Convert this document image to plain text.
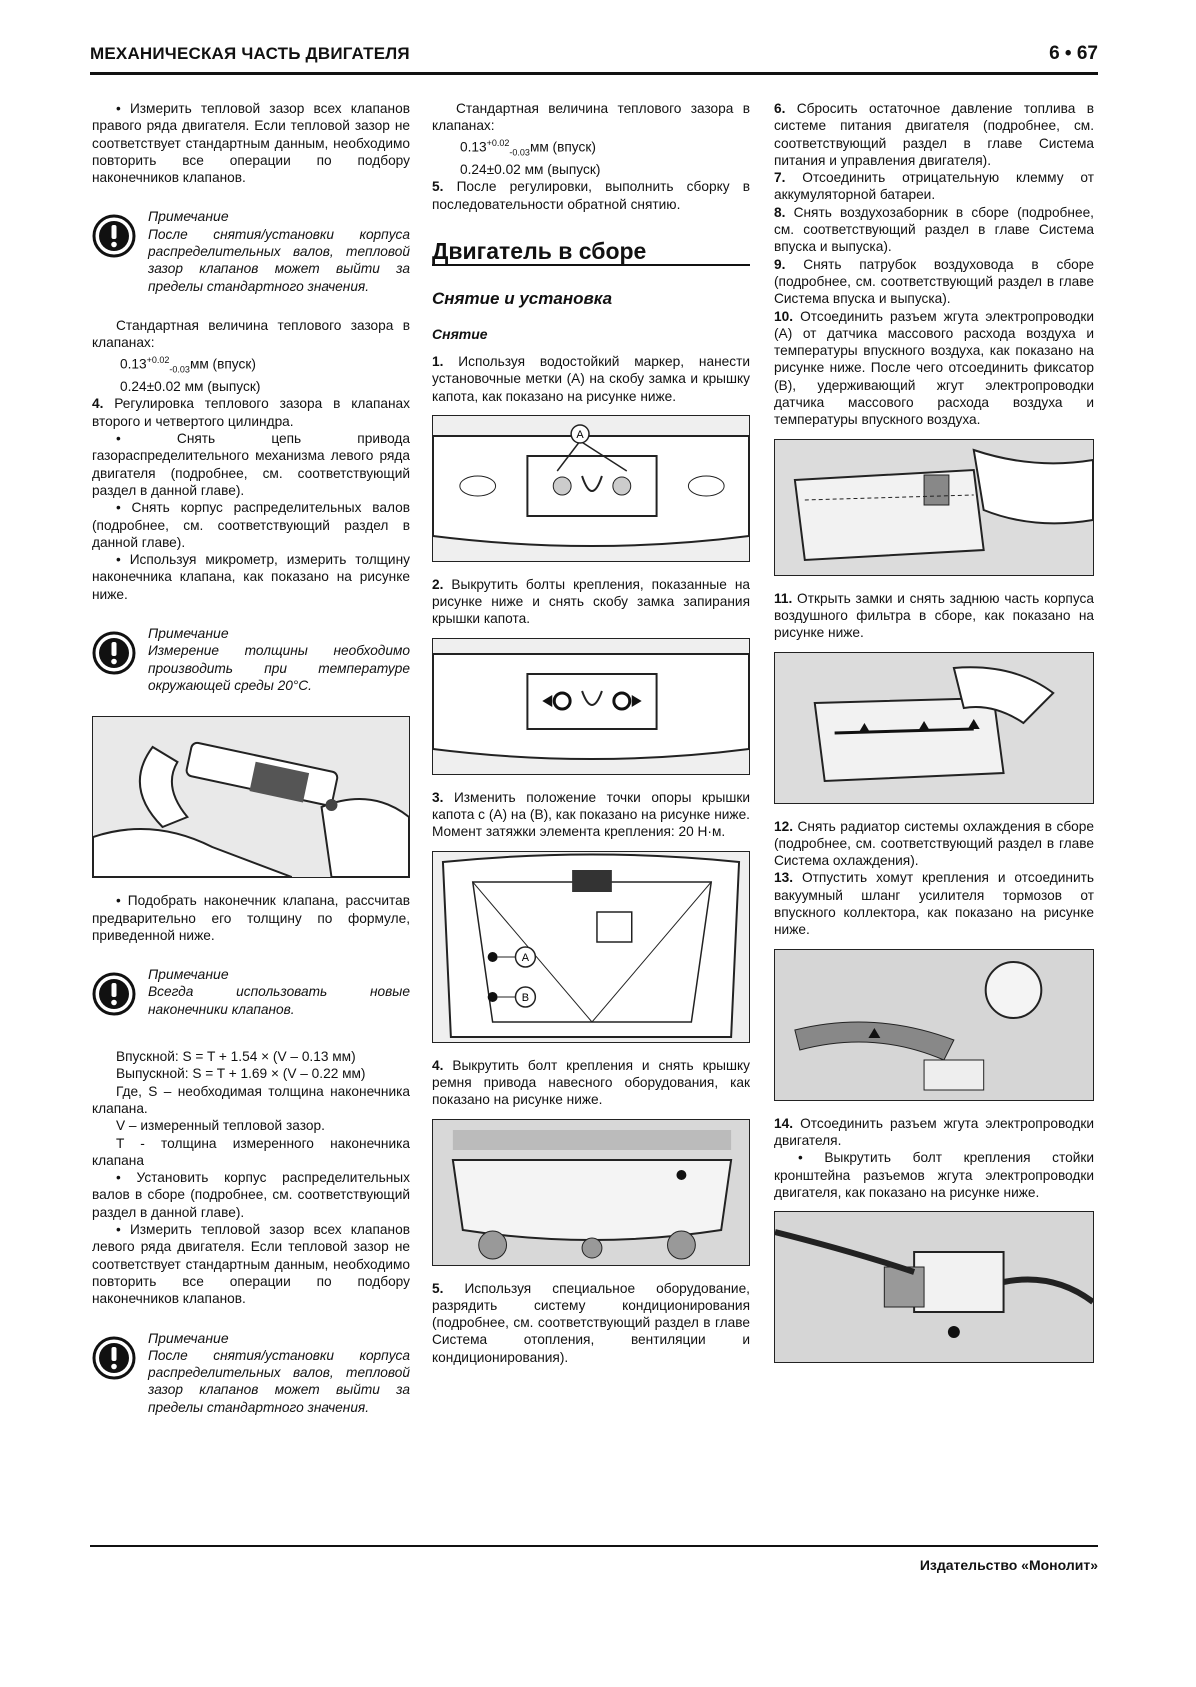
МЕХАНИЧЕСКАЯ ЧАСТЬ ДВИГАТЕЛЯ	6 • 67

• Измерить тепловой зазор всех клапанов правого ряда двигателя. Если тепловой зазор не соответствует стандартным данным, необходимо повторить все операции по подбору наконечников клапанов.

Примечание
После снятия/установки корпуса распределительных валов, тепловой зазор клапанов может выйти за пределы стандартного значения.

Стандартная величина теплового зазора в клапанах:

$0.13^{+0.02}_{-0.03}мм$ (впуск)

0.24±0.02 мм (выпуск)

4. Регулировка теплового зазора в клапанах второго и четвертого цилиндра.

• Снять цепь привода газораспределительного механизма левого ряда двигателя (подробнее, см. соответствующий раздел в данной главе).

• Снять корпус распределительных валов (подробнее, см. соответствующий раздел в данной главе).

• Используя микрометр, измерить толщину наконечника клапана, как показано на рисунке ниже.

Примечание
Измерение толщины необходимо производить при температуре окружающей среды 20°С.

• Подобрать наконечник клапана, рассчитав предварительно его толщину по формуле, приведенной ниже.

Примечание
Всегда использовать новые наконечники клапанов.

Впускной: S = T + 1.54 × (V – 0.13 мм)

Выпускной: S = T + 1.69 × (V – 0.22 мм)

Где, S – необходимая толщина наконечника клапана.

V – измеренный тепловой зазор.

T - толщина измеренного наконечника клапана

• Установить корпус распределительных валов в сборе (подробнее, см. соответствующий раздел в данной главе).

• Измерить тепловой зазор всех клапанов левого ряда двигателя. Если тепловой зазор не соответствует стандартным данным, необходимо повторить все операции по подбору наконечников клапанов.

Примечание
После снятия/установки корпуса распределительных валов, тепловой зазор клапанов может выйти за пределы стандартного значения.

Стандартная величина теплового зазора в клапанах:

$0.13^{+0.02}_{-0.03}мм$ (впуск)

0.24±0.02 мм (выпуск)

5. После регулировки, выполнить сборку в последовательности обратной снятию.

Двигатель в сборе
Снятие и установка
Снятие

1. Используя водостойкий маркер, нанести установочные метки (А) на скобу замка и крышку капота, как показано на рисунке ниже.

A

2. Выкрутить болты крепления, показанные на рисунке ниже и снять скобу замка запирания крышки капота.

3. Изменить положение точки опоры крышки капота с (А) на (В), как показано на рисунке ниже. Момент затяжки элемента крепления: 20 Н·м.

A
B

4. Выкрутить болт крепления и снять крышку ремня привода навесного оборудования, как показано на рисунке ниже.

5. Используя специальное оборудование, разрядить систему кондиционирования (подробнее, см. соответствующий раздел в главе Система отопления, вентиляции и кондиционирования).

6. Сбросить остаточное давление топлива в системе питания двигателя (подробнее, см. соответствующий раздел в главе Система питания и управления двигателя).

7. Отсоединить отрицательную клемму от аккумуляторной батареи.

8. Снять воздухозаборник в сборе (подробнее, см. соответствующий раздел в главе Система впуска и выпуска).

9. Снять патрубок воздуховода в сборе (подробнее, см. соответствующий раздел в главе Система впуска и выпуска).

10. Отсоединить разъем жгута электропроводки (А) от датчика массового расхода воздуха и температуры впускного воздуха, как показано на рисунке ниже. После чего отсоединить фиксатор (В), удерживающий жгут электропроводки датчика массового расхода воздуха и температуры впускного воздуха.

11. Открыть замки и снять заднюю часть корпуса воздушного фильтра в сборе, как показано на рисунке ниже.

12. Снять радиатор системы охлаждения в сборе (подробнее, см. соответствующий раздел в главе Система охлаждения).

13. Отпустить хомут крепления и отсоединить вакуумный шланг усилителя тормозов от впускного коллектора, как показано на рисунке ниже.

14. Отсоединить разъем жгута электропроводки двигателя.

• Выкрутить болт крепления стойки кронштейна разъемов жгута электропроводки двигателя, как показано на рисунке ниже.

Издательство «Монолит»
